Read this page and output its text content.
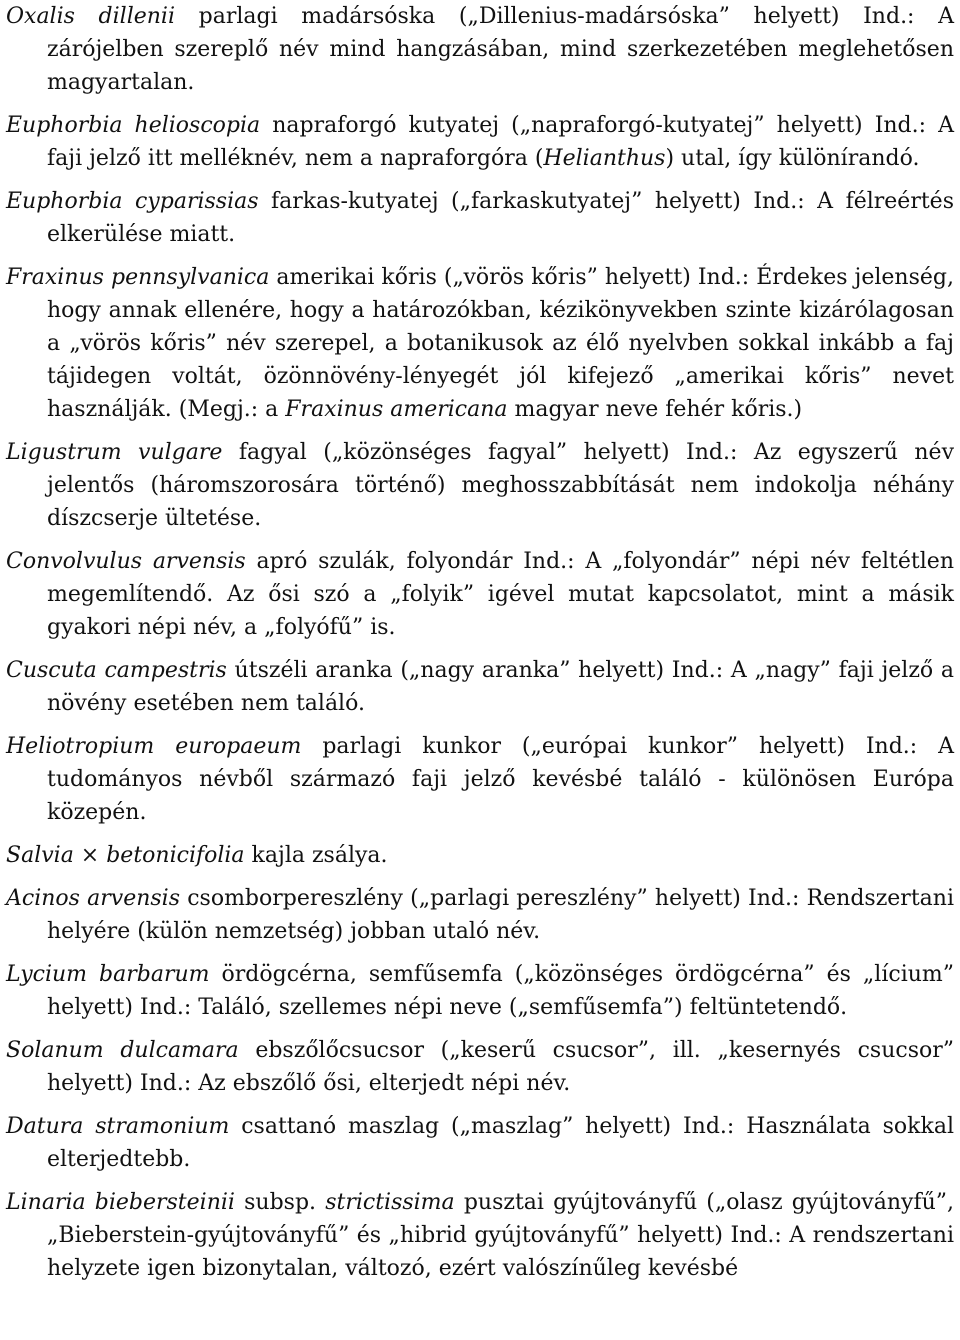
Oxalis dillenii parlagi madársóska („Dillenius-madársóska” helyett) Ind.: A zárójelben szereplő név mind hangzásában, mind szerkezetében meglehetősen magyartalan.

Euphorbia helioscopia napraforgó kutyatej („napraforgó-kutyatej” helyett) Ind.: A faji jelző itt melléknév, nem a napraforgóra (Helianthus) utal, így különírandó.

Euphorbia cyparissias farkas-kutyatej („farkaskutyatej” helyett) Ind.: A félreértés elkerülése miatt.

Fraxinus pennsylvanica amerikai kőris („vörös kőris” helyett) Ind.: Érdekes jelenség, hogy annak ellenére, hogy a határozókban, kézikönyvekben szinte kizárólagosan a „vörös kőris” név szerepel, a botanikusok az élő nyelvben sokkal inkább a faj tájidegen voltát, özönnövény-lényegét jól kifejező „amerikai kőris” nevet használják. (Megj.: a Fraxinus americana magyar neve fehér kőris.)

Ligustrum vulgare fagyal („közönséges fagyal” helyett) Ind.: Az egyszerű név jelentős (háromszorosára történő) meghosszabbítását nem indokolja néhány díszcserje ültetése.

Convolvulus arvensis apró szulák, folyondár Ind.: A „folyondár” népi név feltétlen megemlítendő. Az ősi szó a „folyik” igével mutat kapcsolatot, mint a másik gyakori népi név, a „folyófű” is.

Cuscuta campestris útszéli aranka („nagy aranka” helyett) Ind.: A „nagy” faji jelző a növény esetében nem találó.

Heliotropium europaeum parlagi kunkor („európai kunkor” helyett) Ind.: A tudományos névből származó faji jelző kevésbé találó - különösen Európa közepén.

Salvia × betonicifolia kajla zsálya.

Acinos arvensis csomborpereszlény („parlagi pereszlény” helyett) Ind.: Rendszertani helyére (külön nemzetség) jobban utaló név.

Lycium barbarum ördögcérna, semfűsemfa („közönséges ördögcérna” és „lícium” helyett) Ind.: Találó, szellemes népi neve („semfűsemfa”) feltüntetendő.

Solanum dulcamara ebszőlőcsucsor („keserű csucsor”, ill. „kesernyés csucsor” helyett) Ind.: Az ebszőlő ősi, elterjedt népi név.

Datura stramonium csattanó maszlag („maszlag” helyett) Ind.: Használata sokkal elterjedtebb.

Linaria biebersteinii subsp. strictissima pusztai gyújtoványfű („olasz gyújtoványfű”, „Bieberstein-gyújtoványfű” és „hibrid gyújtoványfű” helyett) Ind.: A rendszertani helyzete igen bizonytalan, változó, ezért valószínűleg kevésbé
